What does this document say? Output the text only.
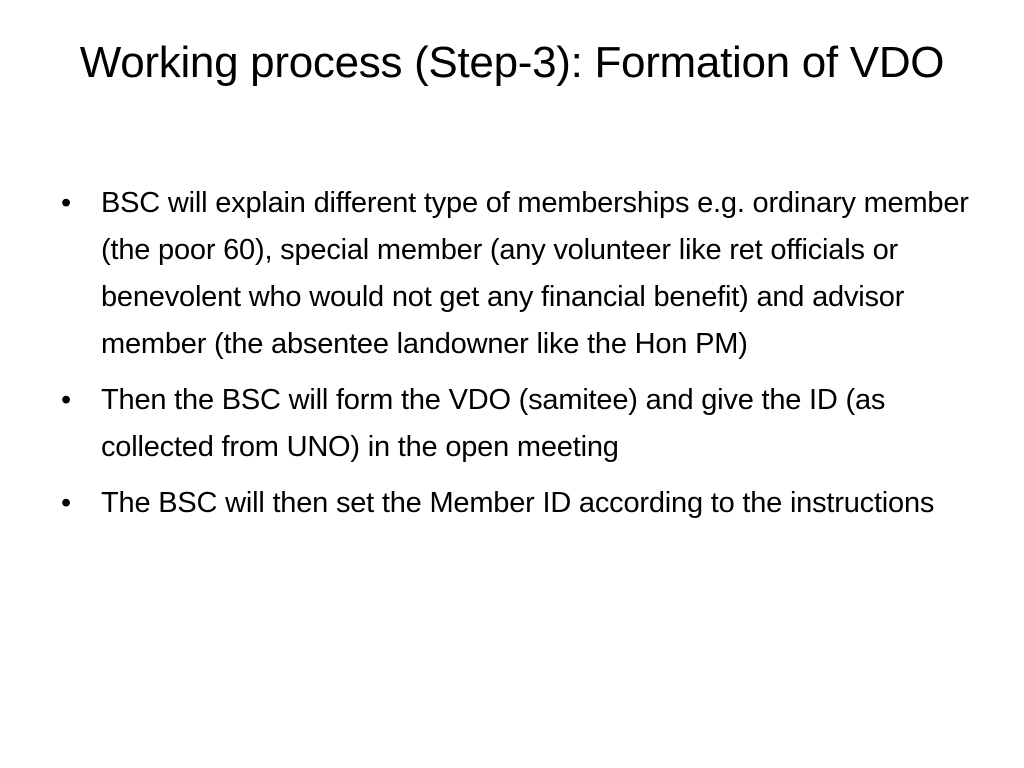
Working process (Step-3): Formation of VDO
• BSC will explain different type of memberships e.g. ordinary member (the poor 60), special member (any volunteer like ret officials or benevolent who would not get any financial benefit) and advisor member (the absentee landowner like the Hon PM)
• Then the BSC will form the VDO (samitee) and give the ID (as collected from UNO) in the open meeting
• The BSC will then set the Member ID according to the instructions
